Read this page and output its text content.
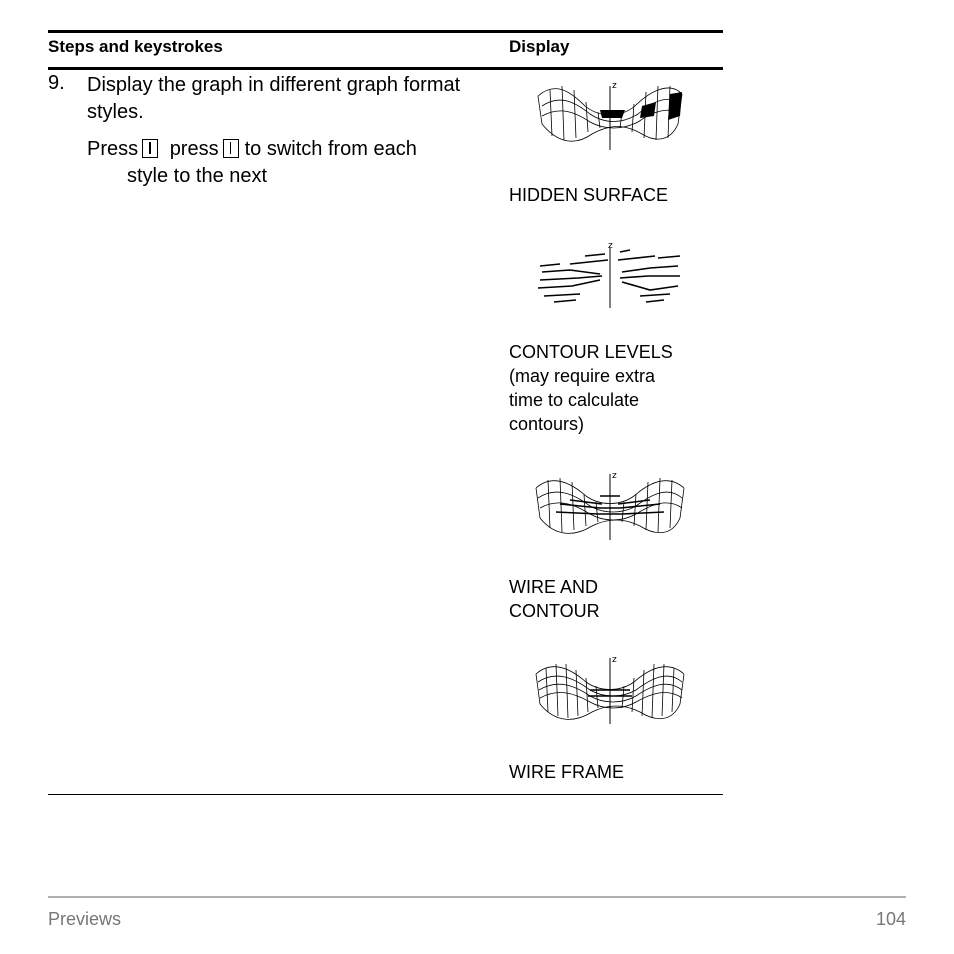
Steps and keystrokes	Display
9. Display the graph in different graph format styles.
Press press to switch from each
style to the next
z
HIDDEN SURFACE
z
CONTOUR LEVELS
(may require extra
time to calculate
contours)
z
WIRE AND
CONTOUR
z
WIRE FRAME
Previews	104
